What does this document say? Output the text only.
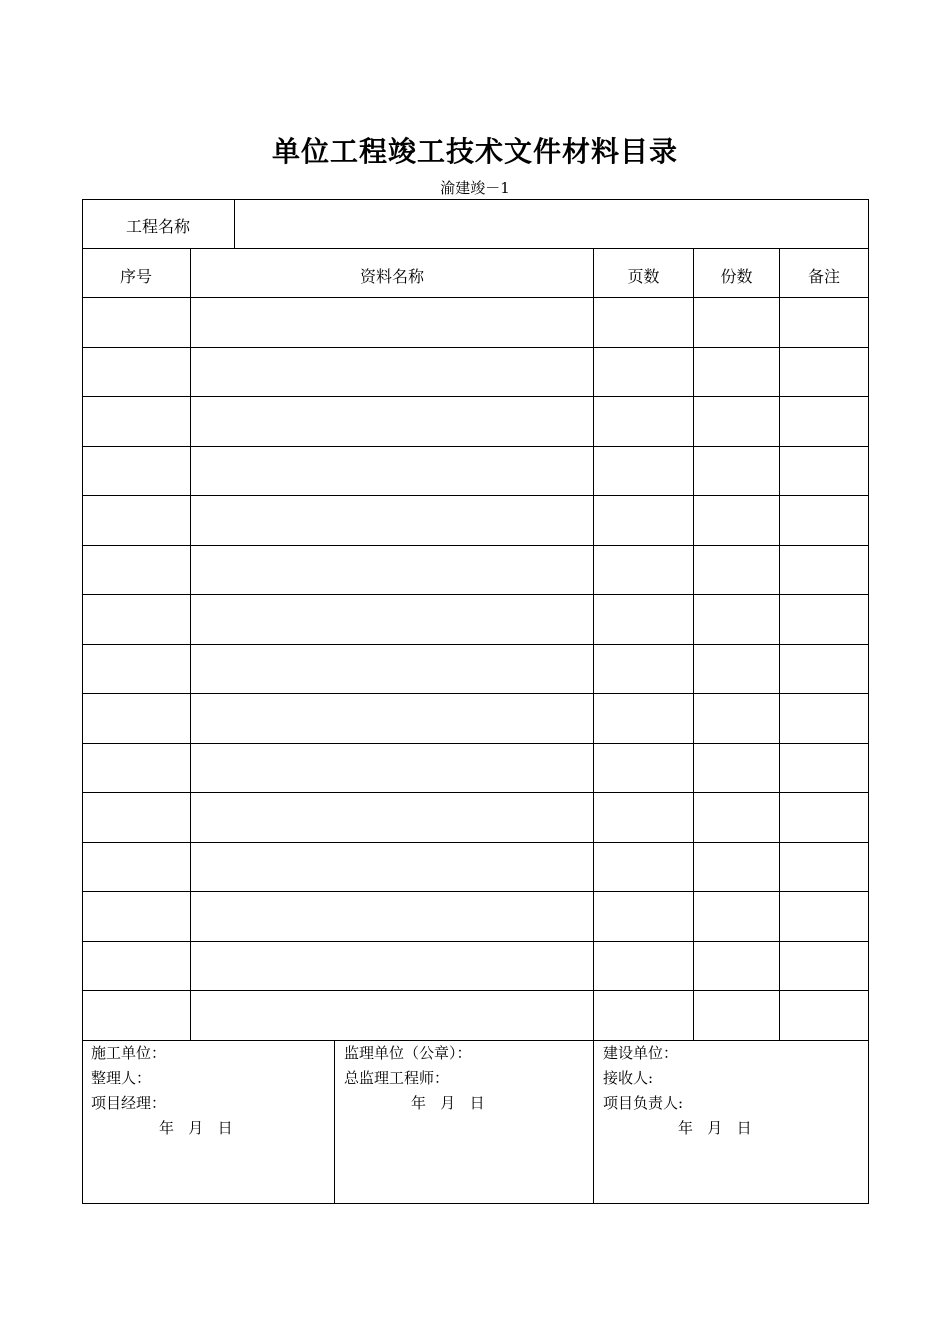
单位工程竣工技术文件材料目录
渝建竣－1
工程名称
序号	资料名称	页数	份数	备注
施工单位：
整理人：
项目经理：
年   月   日
监理单位（公章）：
总监理工程师：
年   月   日
建设单位：
接收人:
项目负责人:
年   月   日
